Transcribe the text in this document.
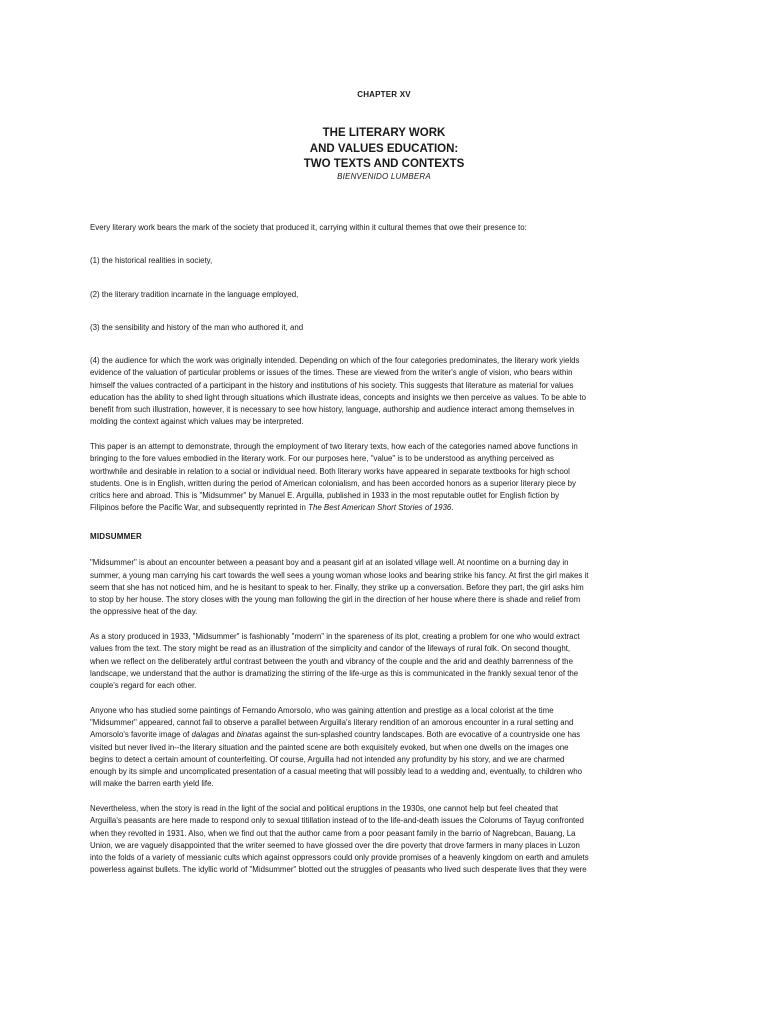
CHAPTER XV
THE LITERARY WORK
AND VALUES EDUCATION:
TWO TEXTS AND CONTEXTS
BIENVENIDO LUMBERA

Every literary work bears the mark of the society that produced it, carrying within it cultural themes that owe their presence to:

(1) the historical realities in society,

(2) the literary tradition incarnate in the language employed,

(3) the sensibility and history of the man who authored it, and

(4) the audience for which the work was originally intended. Depending on which of the four categories predominates, the literary work yields
evidence of the valuation of particular problems or issues of the times. These are viewed from the writer's angle of vision, who bears within
himself the values contracted of a participant in the history and institutions of his society. This suggests that literature as material for values
education has the ability to shed light through situations which illustrate ideas, concepts and insights we then perceive as values. To be able to
benefit from such illustration, however, it is necessary to see how history, language, authorship and audience interact among themselves in
molding the context against which values may be interpreted.

This paper is an attempt to demonstrate, through the employment of two literary texts, how each of the categories named above functions in
bringing to the fore values embodied in the literary work. For our purposes here, "value" is to be understood as anything perceived as
worthwhile and desirable in relation to a social or individual need. Both literary works have appeared in separate textbooks for high school
students. One is in English, written during the period of American colonialism, and has been accorded honors as a superior literary piece by
critics here and abroad. This is "Midsummer" by Manuel E. Arguilla, published in 1933 in the most reputable outlet for English fiction by
Filipinos before the Pacific War, and subsequently reprinted in The Best American Short Stories of 1936.

MIDSUMMER

"Midsummer" is about an encounter between a peasant boy and a peasant girl at an isolated village well. At noontime on a burning day in
summer, a young man carrying his cart towards the well sees a young woman whose looks and bearing strike his fancy. At first the girl makes it
seem that she has not noticed him, and he is hesitant to speak to her. Finally, they strike up a conversation. Before they part, the girl asks him
to stop by her house. The story closes with the young man following the girl in the direction of her house where there is shade and relief from
the oppressive heat of the day.

As a story produced in 1933, "Midsummer" is fashionably "modern" in the spareness of its plot, creating a problem for one who would extract
values from the text. The story might be read as an illustration of the simplicity and candor of the lifeways of rural folk. On second thought,
when we reflect on the deliberately artful contrast between the youth and vibrancy of the couple and the arid and deathly barrenness of the
landscape, we understand that the author is dramatizing the stirring of the life-urge as this is communicated in the frankly sexual tenor of the
couple's regard for each other.

Anyone who has studied some paintings of Fernando Amorsolo, who was gaining attention and prestige as a local colorist at the time
"Midsummer" appeared, cannot fail to observe a parallel between Arguilla's literary rendition of an amorous encounter in a rural setting and
Amorsolo's favorite image of dalagas and binatas against the sun-splashed country landscapes. Both are evocative of a countryside one has
visited but never lived in--the literary situation and the painted scene are both exquisitely evoked, but when one dwells on the images one
begins to detect a certain amount of counterfeiting. Of course, Arguilla had not intended any profundity by his story, and we are charmed
enough by its simple and uncomplicated presentation of a casual meeting that will possibly lead to a wedding and, eventually, to children who
will make the barren earth yield life.

Nevertheless, when the story is read in the light of the social and political eruptions in the 1930s, one cannot help but feel cheated that
Arguilla's peasants are here made to respond only to sexual titillation instead of to the life-and-death issues the Colorums of Tayug confronted
when they revolted in 1931. Also, when we find out that the author came from a poor peasant family in the barrio of Nagrebcan, Bauang, La
Union, we are vaguely disappointed that the writer seemed to have glossed over the dire poverty that drove farmers in many places in Luzon
into the folds of a variety of messianic cults which against oppressors could only provide promises of a heavenly kingdom on earth and amulets
powerless against bullets. The idyllic world of "Midsummer" blotted out the struggles of peasants who lived such desperate lives that they were
